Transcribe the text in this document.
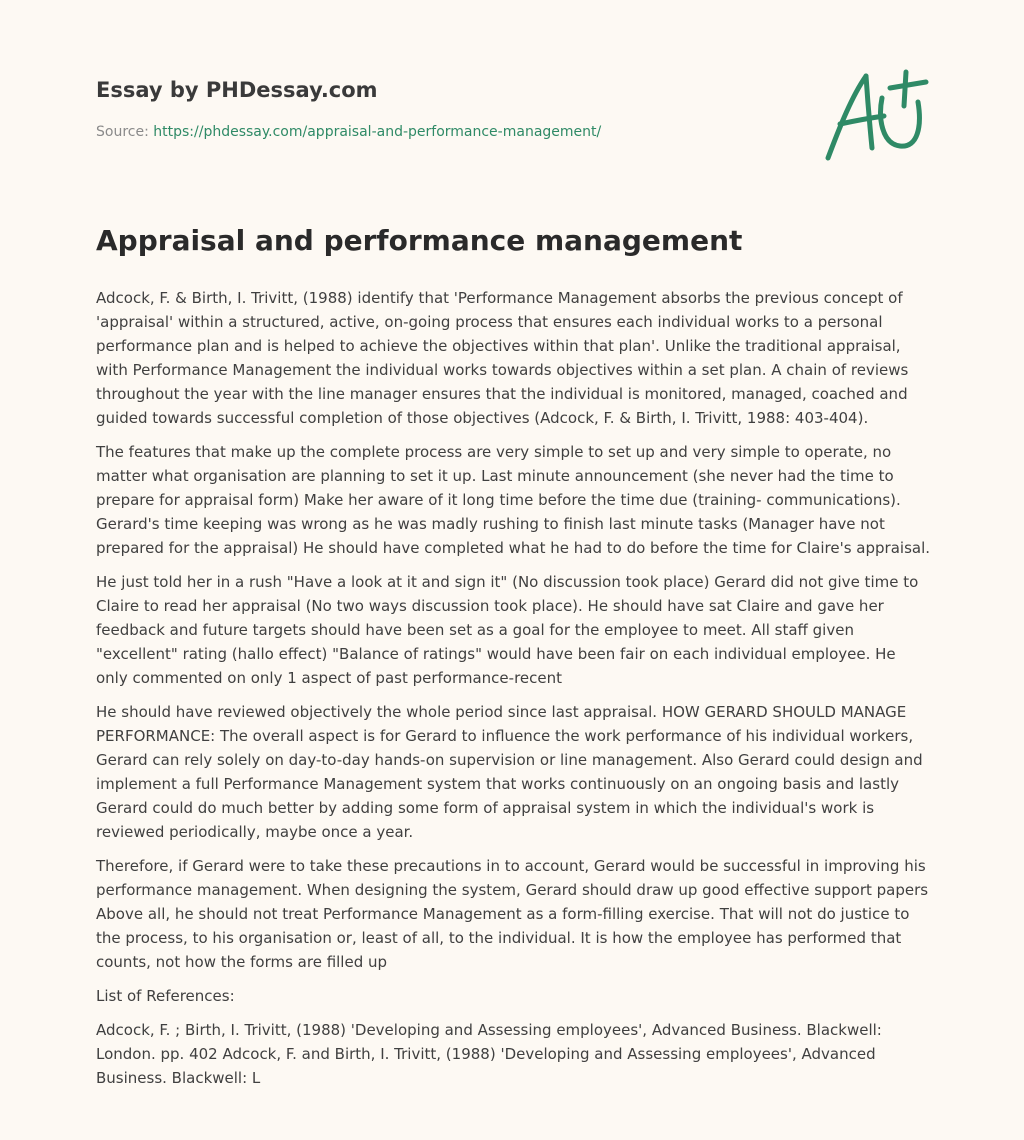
Essay by PHDessay.com
Source: https://phdessay.com/appraisal-and-performance-management/
Appraisal and performance management

Adcock, F. & Birth, I. Trivitt, (1988) identify that 'Performance Management absorbs the previous concept of 'appraisal' within a structured, active, on-going process that ensures each individual works to a personal performance plan and is helped to achieve the objectives within that plan'. Unlike the traditional appraisal, with Performance Management the individual works towards objectives within a set plan. A chain of reviews throughout the year with the line manager ensures that the individual is monitored, managed, coached and guided towards successful completion of those objectives (Adcock, F. & Birth, I. Trivitt, 1988: 403-404).

The features that make up the complete process are very simple to set up and very simple to operate, no matter what organisation are planning to set it up. Last minute announcement (she never had the time to prepare for appraisal form) Make her aware of it long time before the time due (training- communications). Gerard's time keeping was wrong as he was madly rushing to finish last minute tasks (Manager have not prepared for the appraisal) He should have completed what he had to do before the time for Claire's appraisal.

He just told her in a rush "Have a look at it and sign it" (No discussion took place) Gerard did not give time to Claire to read her appraisal (No two ways discussion took place). He should have sat Claire and gave her feedback and future targets should have been set as a goal for the employee to meet. All staff given "excellent" rating (hallo effect) "Balance of ratings" would have been fair on each individual employee. He only commented on only 1 aspect of past performance-recent

He should have reviewed objectively the whole period since last appraisal. HOW GERARD SHOULD MANAGE PERFORMANCE: The overall aspect is for Gerard to influence the work performance of his individual workers, Gerard can rely solely on day-to-day hands-on supervision or line management. Also Gerard could design and implement a full Performance Management system that works continuously on an ongoing basis and lastly Gerard could do much better by adding some form of appraisal system in which the individual's work is reviewed periodically, maybe once a year.

Therefore, if Gerard were to take these precautions in to account, Gerard would be successful in improving his performance management. When designing the system, Gerard should draw up good effective support papers Above all, he should not treat Performance Management as a form-filling exercise. That will not do justice to the process, to his organisation or, least of all, to the individual. It is how the employee has performed that counts, not how the forms are filled up

List of References:

Adcock, F. ; Birth, I. Trivitt, (1988) 'Developing and Assessing employees', Advanced Business. Blackwell: London. pp. 402 Adcock, F. and Birth, I. Trivitt, (1988) 'Developing and Assessing employees', Advanced Business. Blackwell: L
